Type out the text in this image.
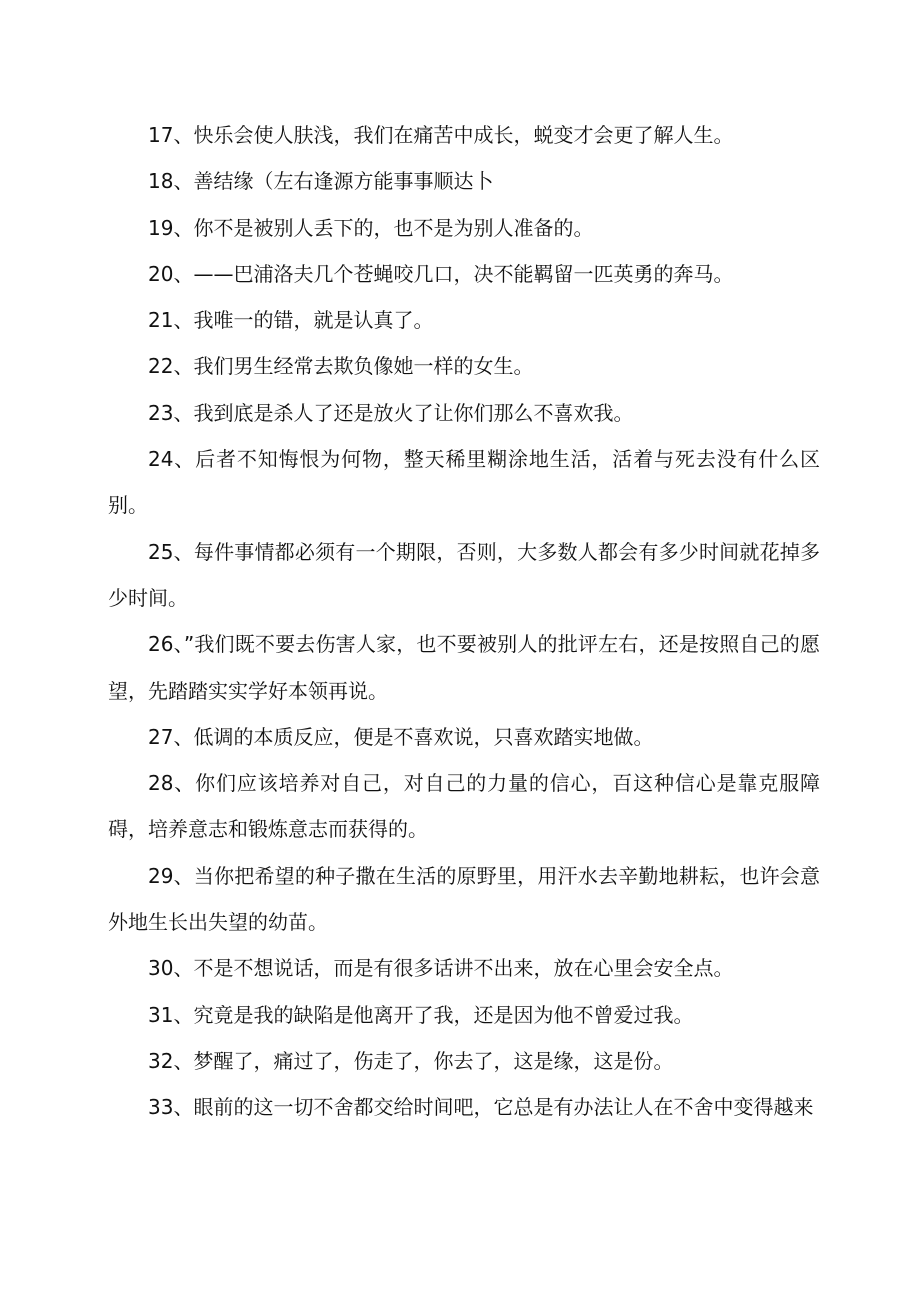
17、快乐会使人肤浅，我们在痛苦中成长，蜕变才会更了解人生。

18、善结缘（左右逢源方能事事顺达卜

19、你不是被别人丢下的，也不是为别人准备的。

20、——巴浦洛夫几个苍蝇咬几口，决不能羁留一匹英勇的奔马。

21、我唯一的错，就是认真了。

22、我们男生经常去欺负像她一样的女生。

23、我到底是杀人了还是放火了让你们那么不喜欢我。

24、后者不知悔恨为何物，整天稀里糊涂地生活，活着与死去没有什么区别。

25、每件事情都必须有一个期限，否则，大多数人都会有多少时间就花掉多少时间。

26、”我们既不要去伤害人家，也不要被别人的批评左右，还是按照自己的愿望，先踏踏实实学好本领再说。

27、低调的本质反应，便是不喜欢说，只喜欢踏实地做。

28、你们应该培养对自己，对自己的力量的信心，百这种信心是靠克服障碍，培养意志和锻炼意志而获得的。

29、当你把希望的种子撒在生活的原野里，用汗水去辛勤地耕耘，也许会意外地生长出失望的幼苗。

30、不是不想说话，而是有很多话讲不出来，放在心里会安全点。

31、究竟是我的缺陷是他离开了我，还是因为他不曾爱过我。

32、梦醒了，痛过了，伤走了，你去了，这是缘，这是份。

33、眼前的这一切不舍都交给时间吧，它总是有办法让人在不舍中变得越来
